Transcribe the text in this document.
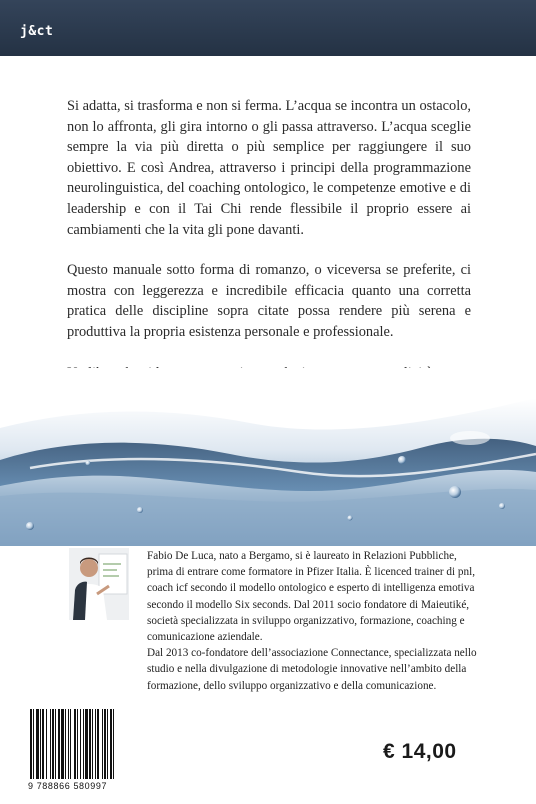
j&ct

Si adatta, si trasforma e non si ferma. L’acqua se incontra un ostacolo, non lo affronta, gli gira intorno o gli passa attraverso. L’acqua sceglie sempre la via più diretta o più semplice per raggiungere il suo obiettivo. E così Andrea, attraverso i principi della programmazione neurolinguistica, del coaching ontologico, le competenze emotive e di leadership e con il Tai Chi rende flessibile il proprio essere ai cambiamenti che la vita gli pone davanti.

Questo manuale sotto forma di romanzo, o viceversa se preferite, ci mostra con leggerezza e incredibile efficacia quanto una corretta pratica delle discipline sopra citate possa rendere più serena e produttiva la propria esistenza personale e professionale.

Fabio De Luca, nato a Bergamo, si è laureato in Relazioni Pubbliche, prima di entrare come formatore in Pfizer Italia. È licenced trainer di pnl, coach icf secondo il modello ontologico e esperto di intelligenza emotiva secondo il modello Six seconds. Dal 2011 socio fondatore di Maieutiké, società specializzata in sviluppo organizzativo, formazione, coaching e comunicazione aziendale.

Dal 2013 co-fondatore dell’associazione Connectance, specializzata nello studio e nella divulgazione di metodologie innovative nell’ambito della formazione, dello sviluppo organizzativo e della comunicazione.

9 788866 580997
€ 14,00
